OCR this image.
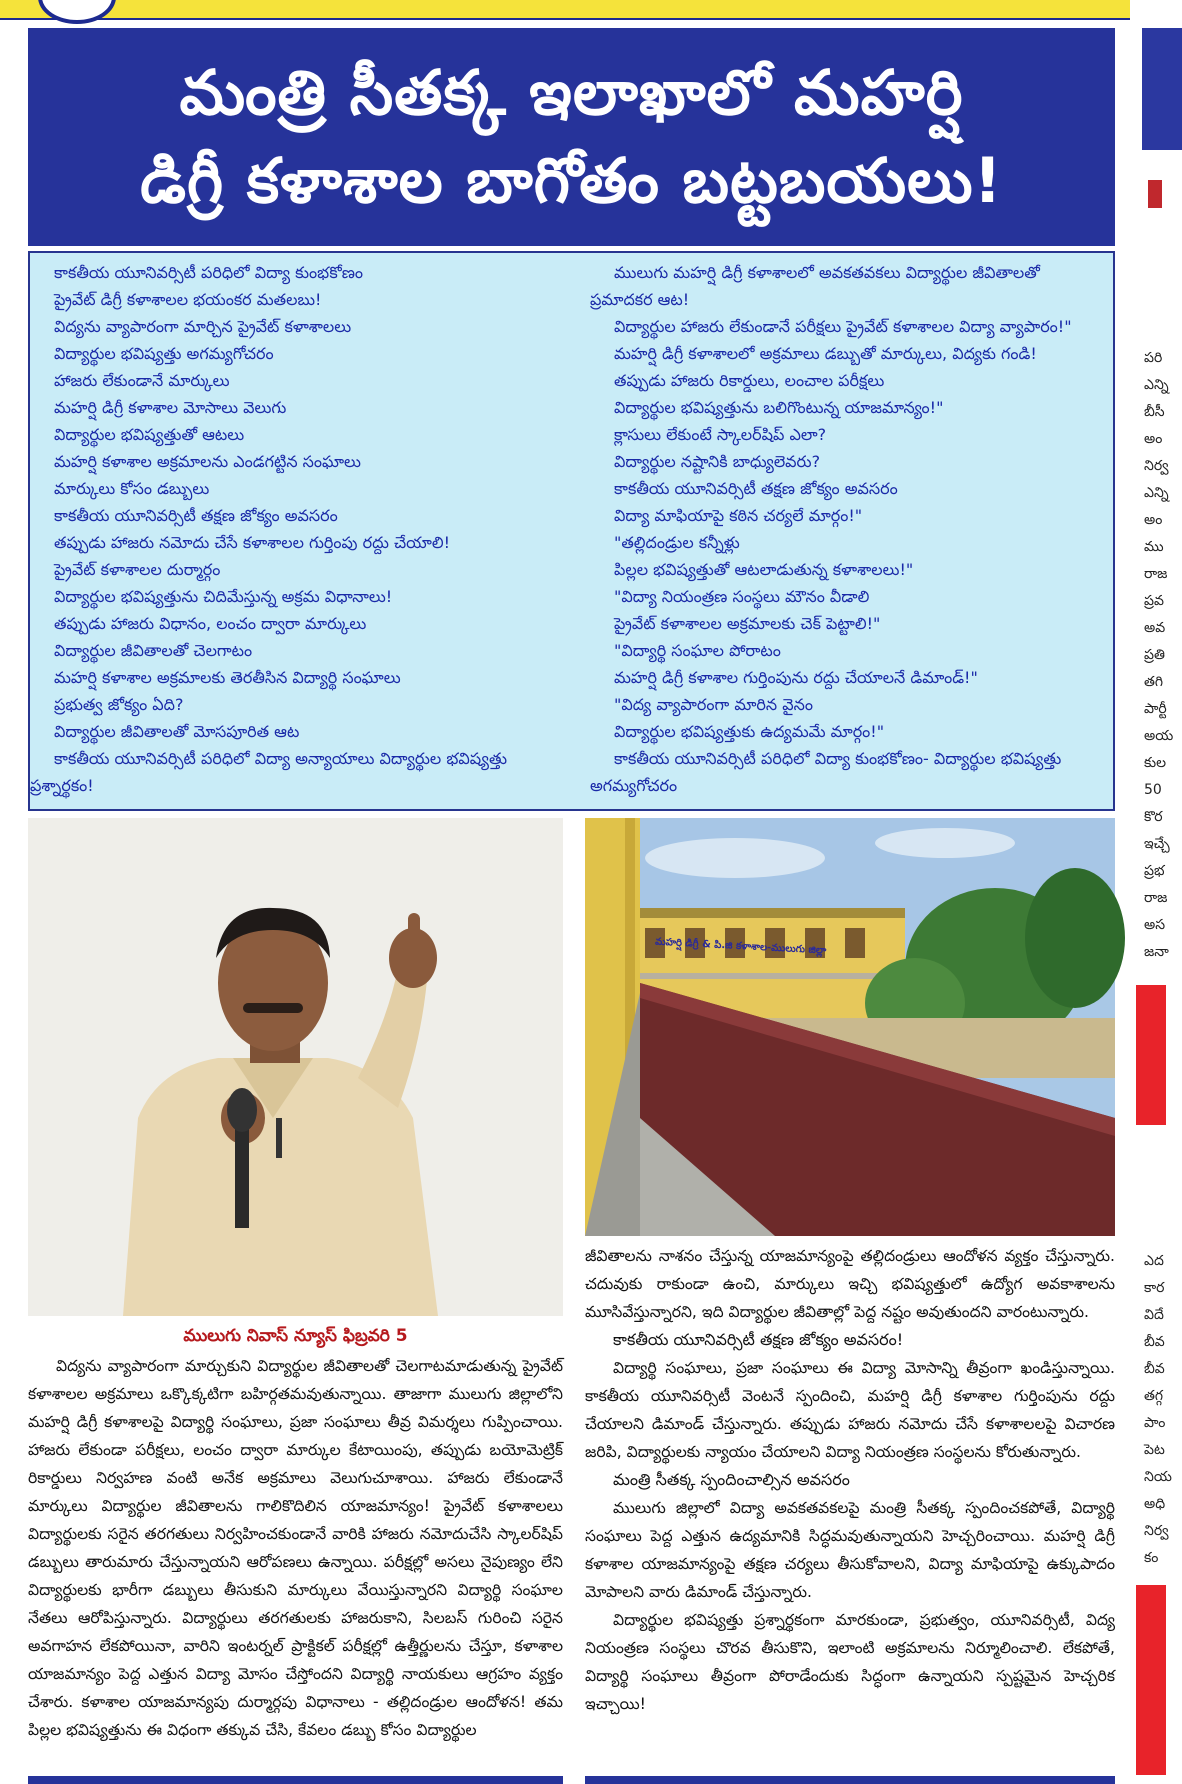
మంత్రి సీతక్క ఇలాఖాలో మహర్షి
డిగ్రీ కళాశాల బాగోతం బట్టబయలు!
కాకతీయ యూనివర్సిటీ పరిధిలో విద్యా కుంభకోణం
ప్రైవేట్ డిగ్రీ కళాశాలల భయంకర మతలబు!
విద్యను వ్యాపారంగా మార్చిన ప్రైవేట్ కళాశాలలు
విద్యార్థుల భవిష్యత్తు అగమ్యగోచరం
హాజరు లేకుండానే మార్కులు
మహర్షి డిగ్రీ కళాశాల మోసాలు వెలుగు
విద్యార్థుల భవిష్యత్తుతో ఆటలు
మహర్షి కళాశాల అక్రమాలను ఎండగట్టిన సంఘాలు
మార్కులు కోసం డబ్బులు
కాకతీయ యూనివర్సిటీ తక్షణ జోక్యం అవసరం
తప్పుడు హాజరు నమోదు చేసే కళాశాలల గుర్తింపు రద్దు చేయాలి!
ప్రైవేట్ కళాశాలల దుర్మార్గం
విద్యార్థుల భవిష్యత్తును చిదిమేస్తున్న అక్రమ విధానాలు!
తప్పుడు హాజరు విధానం, లంచం ద్వారా మార్కులు
విద్యార్థుల జీవితాలతో చెలగాటం
మహర్షి కళాశాల అక్రమాలకు తెరతీసిన విద్యార్థి సంఘాలు
ప్రభుత్వ జోక్యం ఏది?
విద్యార్థుల జీవితాలతో మోసపూరిత ఆట
కాకతీయ యూనివర్సిటీ పరిధిలో విద్యా అన్యాయాలు విద్యార్థుల భవిష్యత్తు
ప్రశ్నార్థకం!
ములుగు మహర్షి డిగ్రీ కళాశాలలో అవకతవకలు విద్యార్థుల జీవితాలతో
ప్రమాదకర ఆట!
విద్యార్థుల హాజరు లేకుండానే పరీక్షలు ప్రైవేట్ కళాశాలల విద్యా వ్యాపారం!"
మహర్షి డిగ్రీ కళాశాలలో అక్రమాలు డబ్బుతో మార్కులు, విద్యకు గండి!
తప్పుడు హాజరు రికార్డులు, లంచాల పరీక్షలు
విద్యార్థుల భవిష్యత్తును బలిగొంటున్న యాజమాన్యం!"
క్లాసులు లేకుంటే స్కాలర్‌షిప్ ఎలా?
విద్యార్థుల నష్టానికి బాధ్యులెవరు?
కాకతీయ యూనివర్సిటీ తక్షణ జోక్యం అవసరం
విద్యా మాఫియాపై కఠిన చర్యలే మార్గం!"
"తల్లిదండ్రుల కన్నీళ్లు
పిల్లల భవిష్యత్తుతో ఆటలాడుతున్న కళాశాలలు!"
"విద్యా నియంత్రణ సంస్థలు మౌనం వీడాలి
ప్రైవేట్ కళాశాలల అక్రమాలకు చెక్ పెట్టాలి!"
"విద్యార్థి సంఘాల పోరాటం
మహర్షి డిగ్రీ కళాశాల గుర్తింపును రద్దు చేయాలనే డిమాండ్!"
"విద్య వ్యాపారంగా మారిన వైనం
విద్యార్థుల భవిష్యత్తుకు ఉద్యమమే మార్గం!"
కాకతీయ యూనివర్సిటీ పరిధిలో విద్యా కుంభకోణం- విద్యార్థుల భవిష్యత్తు
అగమ్యగోచరం
మహర్షి డిగ్రీ & పి.జి కళాశాల-ములుగు జిల్లా
ములుగు నివాస్ న్యూస్ ఫిబ్రవరి 5
విద్యను వ్యాపారంగా మార్చుకుని విద్యార్థుల జీవితాలతో చెలగాటమాడుతున్న ప్రైవేట్ కళాశాలల అక్రమాలు ఒక్కొక్కటిగా బహిర్గతమవుతున్నాయి. తాజాగా ములుగు జిల్లాలోని మహర్షి డిగ్రీ కళాశాలపై విద్యార్థి సంఘాలు, ప్రజా సంఘాలు తీవ్ర విమర్శలు గుప్పించాయి. హాజరు లేకుండా పరీక్షలు, లంచం ద్వారా మార్కుల కేటాయింపు, తప్పుడు బయోమెట్రిక్ రికార్డులు నిర్వహణ వంటి అనేక అక్రమాలు వెలుగుచూశాయి. హాజరు లేకుండానే మార్కులు విద్యార్థుల జీవితాలను గాలికొదిలిన యాజమాన్యం! ప్రైవేట్ కళాశాలలు విద్యార్థులకు సరైన తరగతులు నిర్వహించకుండానే వారికి హాజరు నమోదుచేసి స్కాలర్‌షిప్ డబ్బులు తారుమారు చేస్తున్నాయని ఆరోపణలు ఉన్నాయి. పరీక్షల్లో అసలు నైపుణ్యం లేని విద్యార్థులకు భారీగా డబ్బులు తీసుకుని మార్కులు వేయిస్తున్నారని విద్యార్థి సంఘాల నేతలు ఆరోపిస్తున్నారు. విద్యార్థులు తరగతులకు హాజరుకాని, సిలబస్ గురించి సరైన అవగాహన లేకపోయినా, వారిని ఇంటర్నల్ ప్రాక్టికల్ పరీక్షల్లో ఉత్తీర్ణులను చేస్తూ, కళాశాల యాజమాన్యం పెద్ద ఎత్తున విద్యా మోసం చేస్తోందని విద్యార్థి నాయకులు ఆగ్రహం వ్యక్తం చేశారు. కళాశాల యాజమాన్యపు దుర్మార్గపు విధానాలు - తల్లిదండ్రుల ఆందోళన! తమ పిల్లల భవిష్యత్తును ఈ విధంగా తక్కువ చేసి, కేవలం డబ్బు కోసం విద్యార్థుల
జీవితాలను నాశనం చేస్తున్న యాజమాన్యంపై తల్లిదండ్రులు ఆందోళన వ్యక్తం చేస్తున్నారు. చదువుకు రాకుండా ఉంచి, మార్కులు ఇచ్చి భవిష్యత్తులో ఉద్యోగ అవకాశాలను మూసివేస్తున్నారని, ఇది విద్యార్థుల జీవితాల్లో పెద్ద నష్టం అవుతుందని వారంటున్నారు.
కాకతీయ యూనివర్సిటీ తక్షణ జోక్యం అవసరం!
విద్యార్థి సంఘాలు, ప్రజా సంఘాలు ఈ విద్యా మోసాన్ని తీవ్రంగా ఖండిస్తున్నాయి. కాకతీయ యూనివర్సిటీ వెంటనే స్పందించి, మహర్షి డిగ్రీ కళాశాల గుర్తింపును రద్దు చేయాలని డిమాండ్ చేస్తున్నారు. తప్పుడు హాజరు నమోదు చేసే కళాశాలలపై విచారణ జరిపి, విద్యార్థులకు న్యాయం చేయాలని విద్యా నియంత్రణ సంస్థలను కోరుతున్నారు.
మంత్రి సీతక్క స్పందించాల్సిన అవసరం
ములుగు జిల్లాలో విద్యా అవకతవకలపై మంత్రి సీతక్క స్పందించకపోతే, విద్యార్థి సంఘాలు పెద్ద ఎత్తున ఉద్యమానికి సిద్ధమవుతున్నాయని హెచ్చరించాయి. మహర్షి డిగ్రీ కళాశాల యాజమాన్యంపై తక్షణ చర్యలు తీసుకోవాలని, విద్యా మాఫియాపై ఉక్కుపాదం మోపాలని వారు డిమాండ్ చేస్తున్నారు.
విద్యార్థుల భవిష్యత్తు ప్రశ్నార్థకంగా మారకుండా, ప్రభుత్వం, యూనివర్సిటీ, విద్య నియంత్రణ సంస్థలు చొరవ తీసుకొని, ఇలాంటి అక్రమాలను నిర్మూలించాలి. లేకపోతే, విద్యార్థి సంఘాలు తీవ్రంగా పోరాడేందుకు సిద్ధంగా ఉన్నాయని స్పష్టమైన హెచ్చరిక ఇచ్చాయి!
పరి
ఎన్ని
బీసీ
అం
నిర్వ
ఎన్ని
అం
ము
రాజ
ప్రవ
అవ
ప్రతి
తగి
పార్టీ
అయ
కుల
50
కొర
ఇచ్చే
ప్రభ
రాజ
అస
జనా
ఎద
కార
విదే
బీవ
బీవ
తగ్గ
పాం
పెట
నియ
అధి
నిర్వ
కం
